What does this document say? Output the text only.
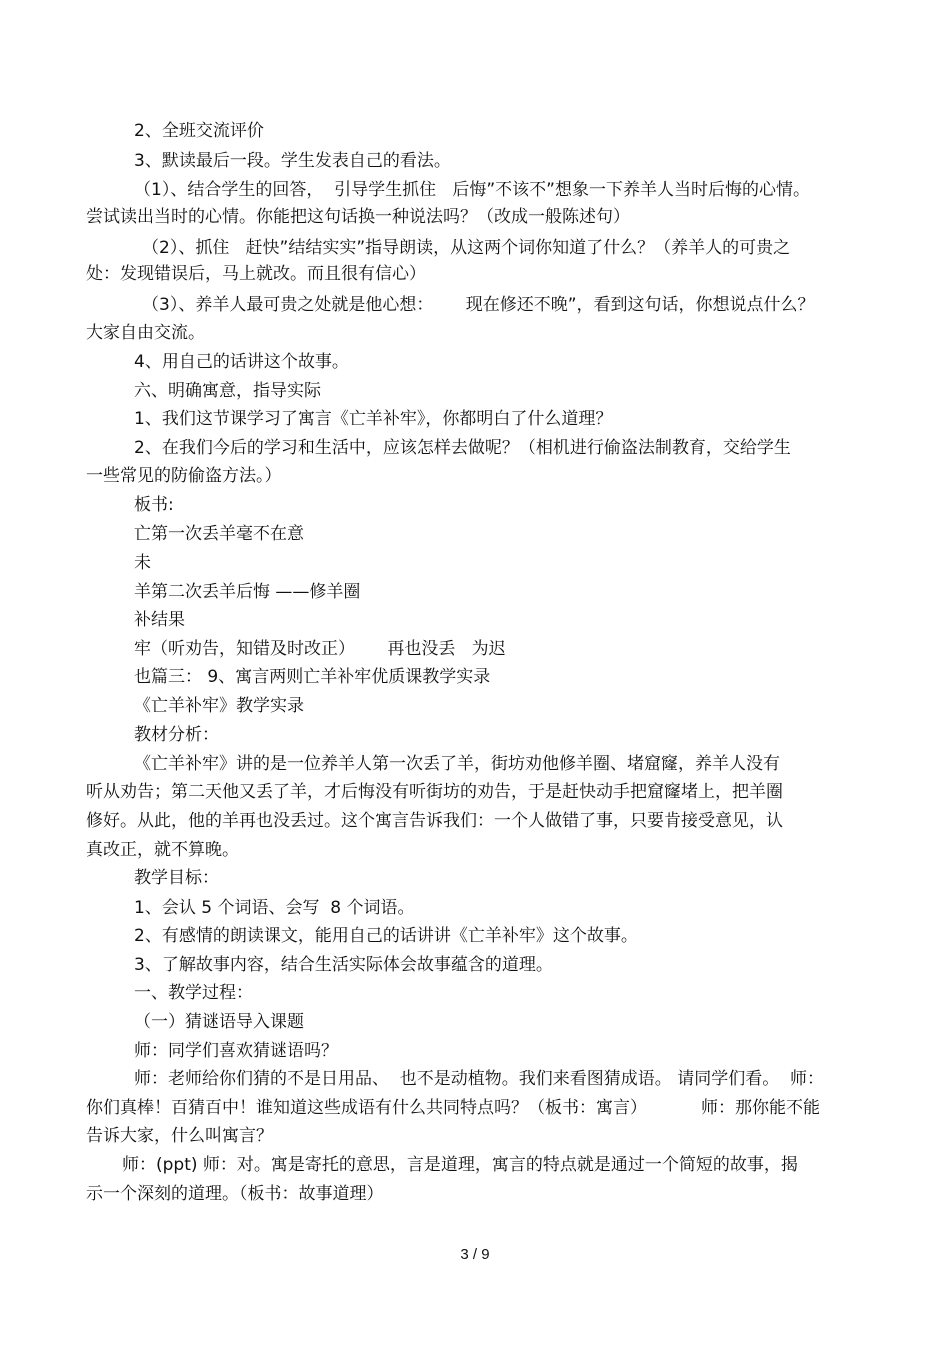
2、全班交流评价
3、默读最后一段。学生发表自己的看法。
（1）、结合学生的回答，  引导学生抓住   后悔”不该不”想象一下养羊人当时后悔的心情。
尝试读出当时的心情。你能把这句话换一种说法吗？（改成一般陈述句）
（2）、抓住   赶快”结结实实”指导朗读，从这两个词你知道了什么？（养羊人的可贵之
处：发现错误后，马上就改。而且很有信心）
（3）、养羊人最可贵之处就是他心想：      现在修还不晚”，看到这句话，你想说点什么？
大家自由交流。
4、用自己的话讲这个故事。
六、明确寓意，指导实际
1、我们这节课学习了寓言《亡羊补牢》，你都明白了什么道理？
2、在我们今后的学习和生活中，应该怎样去做呢？（相机进行偷盗法制教育，交给学生
一些常见的防偷盗方法。）
板书:
亡第一次丢羊毫不在意
未
羊第二次丢羊后悔 ——修羊圈
补结果
牢（听劝告，知错及时改正）      再也没丢   为迟
也篇三： 9、寓言两则亡羊补牢优质课教学实录
《亡羊补牢》教学实录
教材分析：
《亡羊补牢》讲的是一位养羊人第一次丢了羊，街坊劝他修羊圈、堵窟窿，养羊人没有
听从劝告；第二天他又丢了羊，才后悔没有听街坊的劝告，于是赶快动手把窟窿堵上，把羊圈
修好。从此，他的羊再也没丢过。这个寓言告诉我们：一个人做错了事，只要肯接受意见，认
真改正，就不算晚。
教学目标：
1、会认 5 个词语、会写  8 个词语。
2、有感情的朗读课文，能用自己的话讲讲《亡羊补牢》这个故事。
3、了解故事内容，结合生活实际体会故事蕴含的道理。
一、教学过程：
（一）猜谜语导入课题
师：同学们喜欢猜谜语吗？
师：老师给你们猜的不是日用品、  也不是动植物。我们来看图猜成语。 请同学们看。  师：
你们真棒！百猜百中！谁知道这些成语有什么共同特点吗？（板书：寓言）          师：那你能不能
告诉大家，什么叫寓言？
师：(ppt) 师：对。寓是寄托的意思，言是道理，寓言的特点就是通过一个简短的故事，揭
示一个深刻的道理。（板书：故事道理）
3 / 9
